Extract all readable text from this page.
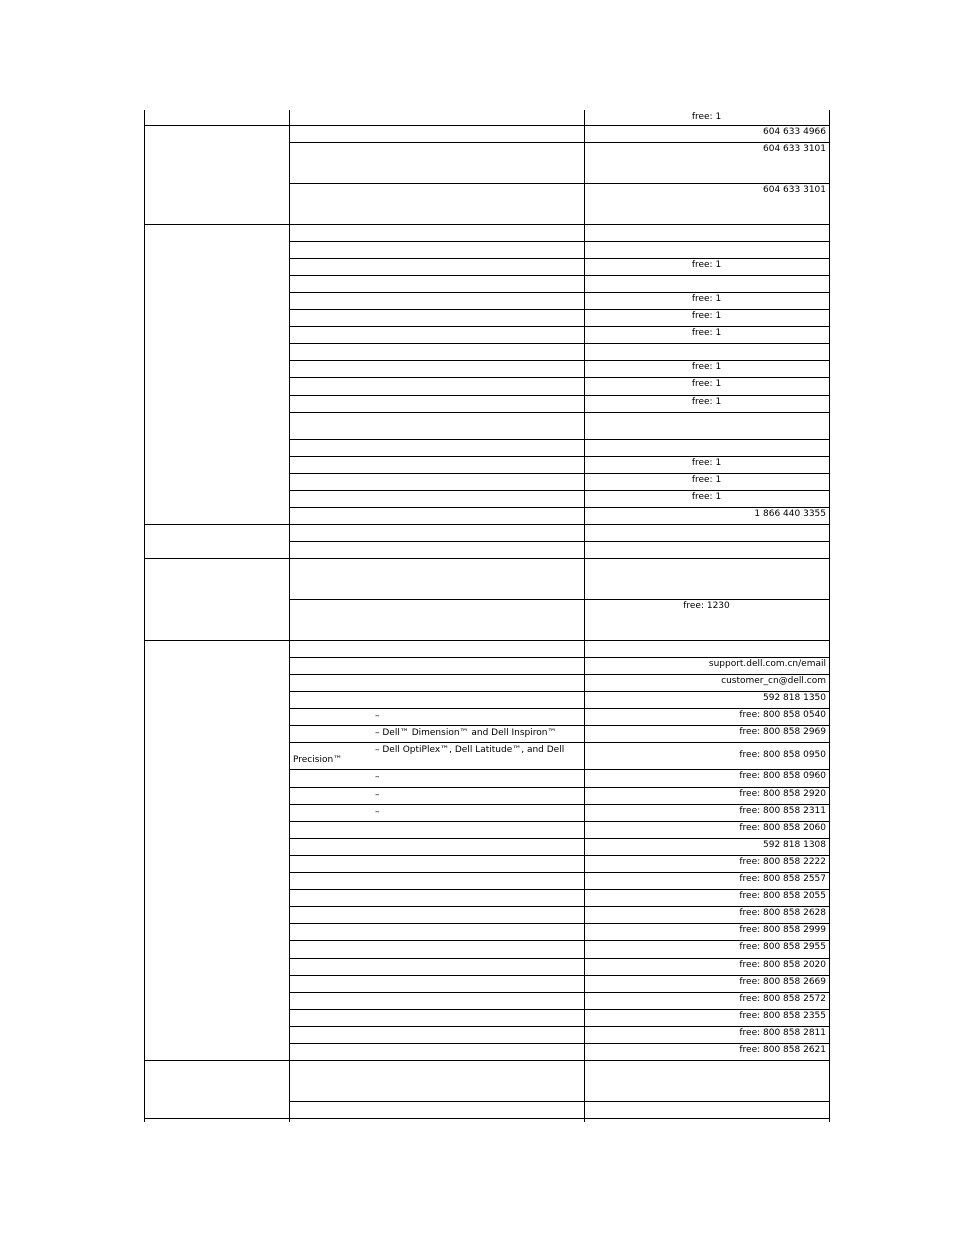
free: 1
604 633 4966
604 633 3101
604 633 3101
free: 1
free: 1
free: 1
free: 1
free: 1
free: 1
free: 1
free: 1
free: 1
free: 1
1 866 440 3355
free: 1230
support.dell.com.cn/email
customer_cn@dell.com
592 818 1350
free: 800 858 0540
–
free: 800 858 2969
– Dell™ Dimension™ and Dell Inspiron™
free: 800 858 0950
– Dell OptiPlex™, Dell Latitude™, and Dell
Precision™
free: 800 858 0960
–
free: 800 858 2920
–
free: 800 858 2311
–
free: 800 858 2060
592 818 1308
free: 800 858 2222
free: 800 858 2557
free: 800 858 2055
free: 800 858 2628
free: 800 858 2999
free: 800 858 2955
free: 800 858 2020
free: 800 858 2669
free: 800 858 2572
free: 800 858 2355
free: 800 858 2811
free: 800 858 2621
